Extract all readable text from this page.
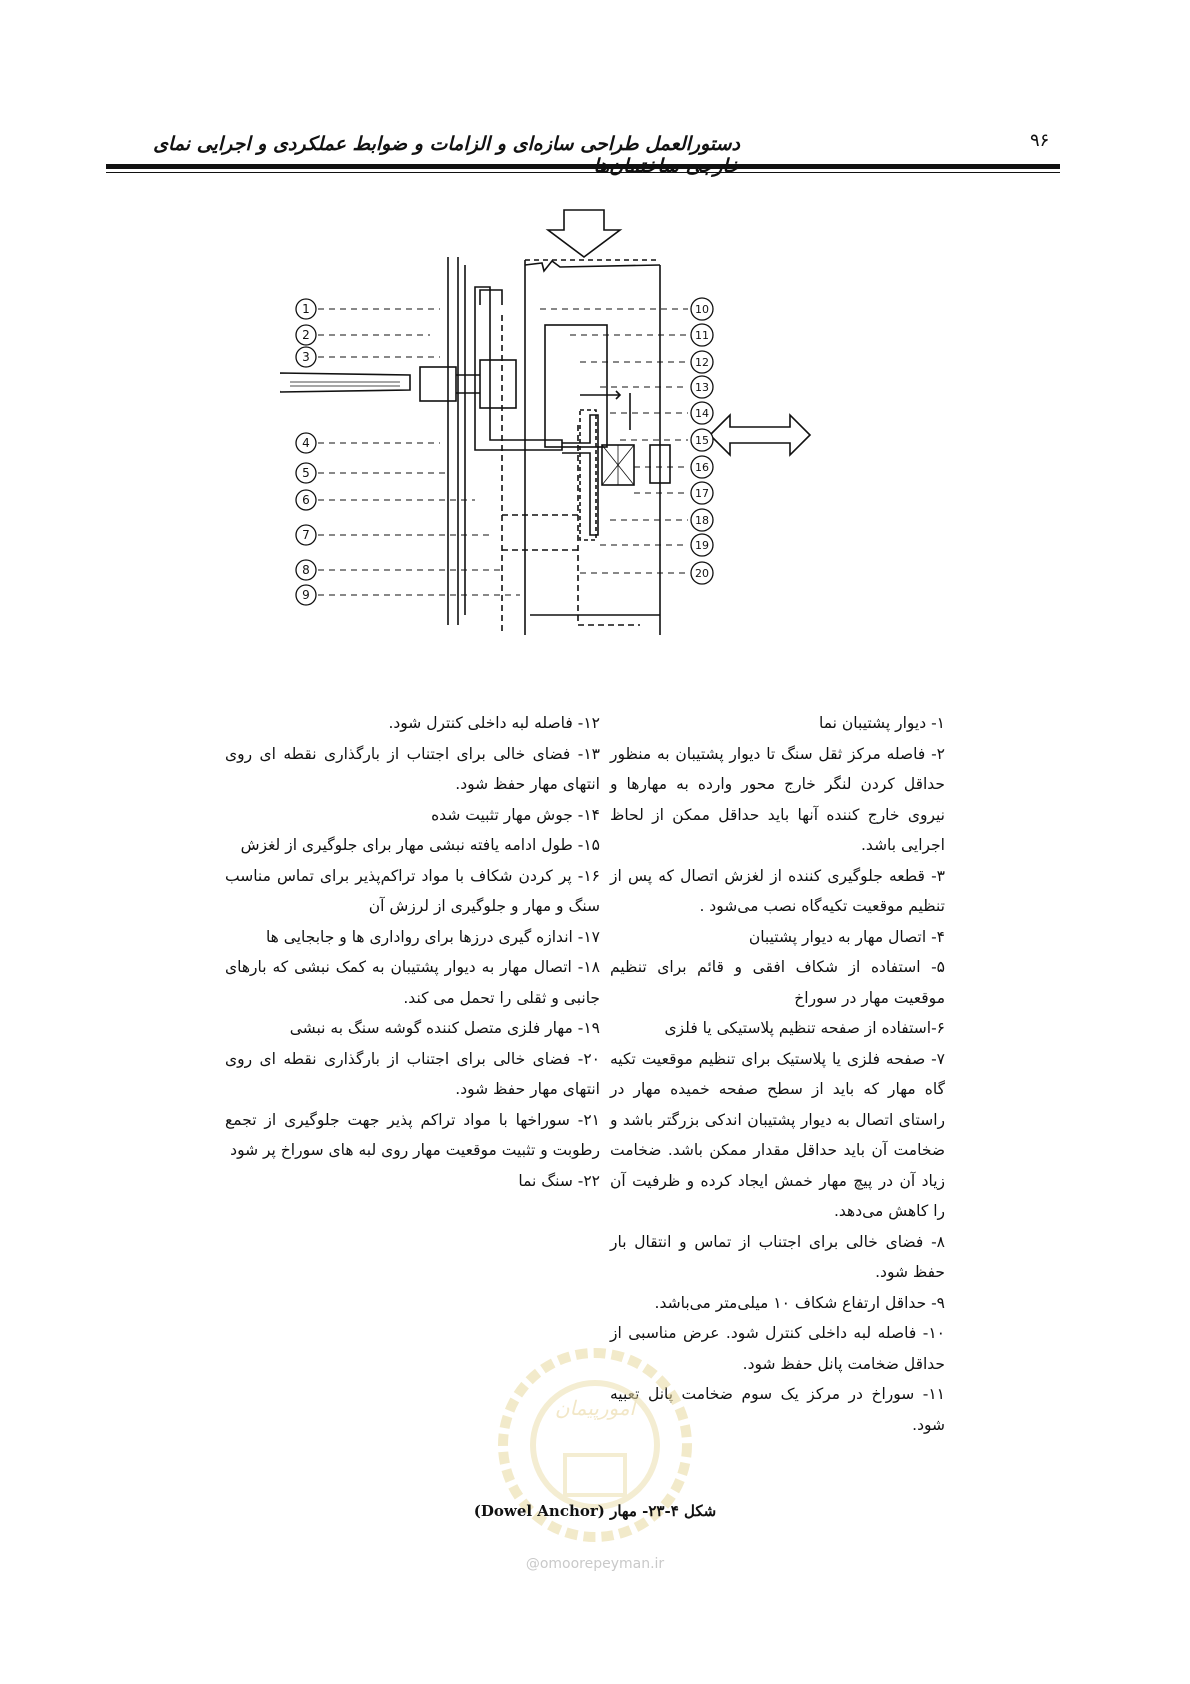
دستورالعمل طراحی سازه‌ای و الزامات و ضوابط عملکردی و اجرایی نمای	۹۶
1
2
3
4
5
6
7
8
9
10
11
12
13
14
15
16
17
18
19
20

۱- دیوار پشتیبان نما

۲- فاصله مرکز ثقل سنگ تا دیوار پشتیبان به منظور حداقل کردن لنگر خارج محور وارده به مهارها و نیروی خارج کننده آنها باید حداقل ممکن از لحاظ اجرایی باشد.

۳- قطعه جلوگیری کننده از لغزش اتصال که پس از تنظیم موقعیت تکیه‌گاه نصب می‌شود .

۴- اتصال مهار به دیوار پشتیبان

۵- استفاده از شکاف افقی و قائم برای تنظیم موقعیت مهار در سوراخ

۶-استفاده از صفحه تنظیم پلاستیکی یا فلزی

۷- صفحه فلزی یا پلاستیک برای تنظیم موقعیت تکیه گاه مهار که باید از سطح صفحه خمیده مهار در راستای اتصال به دیوار پشتیبان اندکی بزرگتر باشد و ضخامت آن باید حداقل مقدار ممکن باشد. ضخامت زیاد آن در پیچ مهار خمش ایجاد کرده و ظرفیت آن را کاهش می‌دهد.

۸- فضای خالی برای اجتناب از تماس و انتقال بار حفظ شود.

۹- حداقل ارتفاع شکاف ۱۰ میلی‌متر می‌باشد.

۱۰- فاصله لبه داخلی کنترل شود. عرض مناسبی از حداقل ضخامت پانل حفظ شود.

۱۱- سوراخ در مرکز یک سوم ضخامت پانل تعبیه شود.

۱۲- فاصله لبه داخلی کنترل شود.

۱۳- فضای خالی برای اجتناب از بارگذاری نقطه ای روی انتهای مهار حفظ شود.

۱۴- جوش مهار تثبیت شده

۱۵- طول ادامه یافته نبشی مهار برای جلوگیری از لغزش

۱۶- پر کردن شکاف با مواد تراکم‌پذیر برای تماس مناسب سنگ و مهار و جلوگیری از لرزش آن

۱۷- اندازه گیری درزها برای رواداری ها و جابجایی ها

۱۸- اتصال مهار به دیوار پشتیبان به کمک نبشی که بارهای جانبی و ثقلی را تحمل می کند.

۱۹- مهار فلزی متصل کننده گوشه سنگ به نبشی

۲۰- فضای خالی برای اجتناب از بارگذاری نقطه ای روی انتهای مهار حفظ شود.

۲۱- سوراخها با مواد تراکم پذیر جهت جلوگیری از تجمع رطوبت و تثبیت موقعیت مهار روی لبه های سوراخ پر شود

۲۲- سنگ نما

امورپیمان
شکل ۴-۲۳- مهار (Dowel Anchor)
@omoorepeyman.ir
